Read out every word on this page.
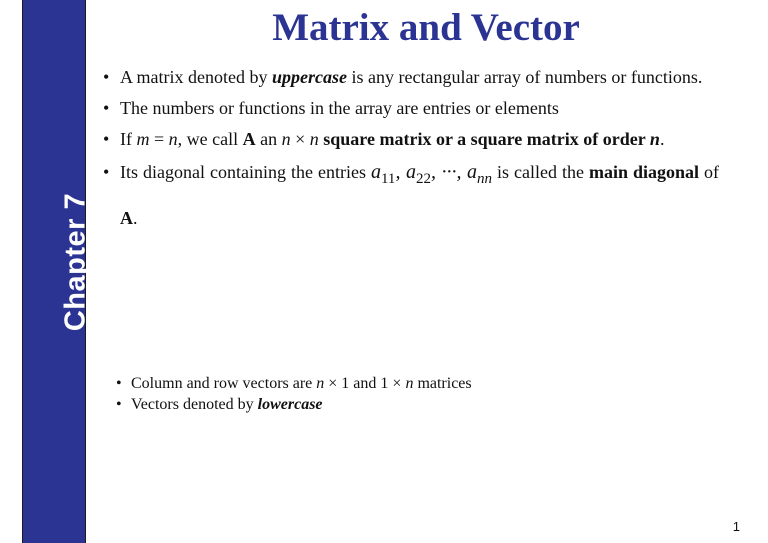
Chapter 7
Matrix and Vector
• A matrix denoted by uppercase is any rectangular array of numbers or functions.
• The numbers or functions in the array are entries or elements
• If m = n, we call A an n × n square matrix or a square matrix of order n.
• Its diagonal containing the entries $a_{11}$, $a_{22}$, ···, $a_{nn}$ is called the main diagonal of A.
• Column and row vectors are n × 1 and 1 × n matrices
• Vectors denoted by lowercase
1
